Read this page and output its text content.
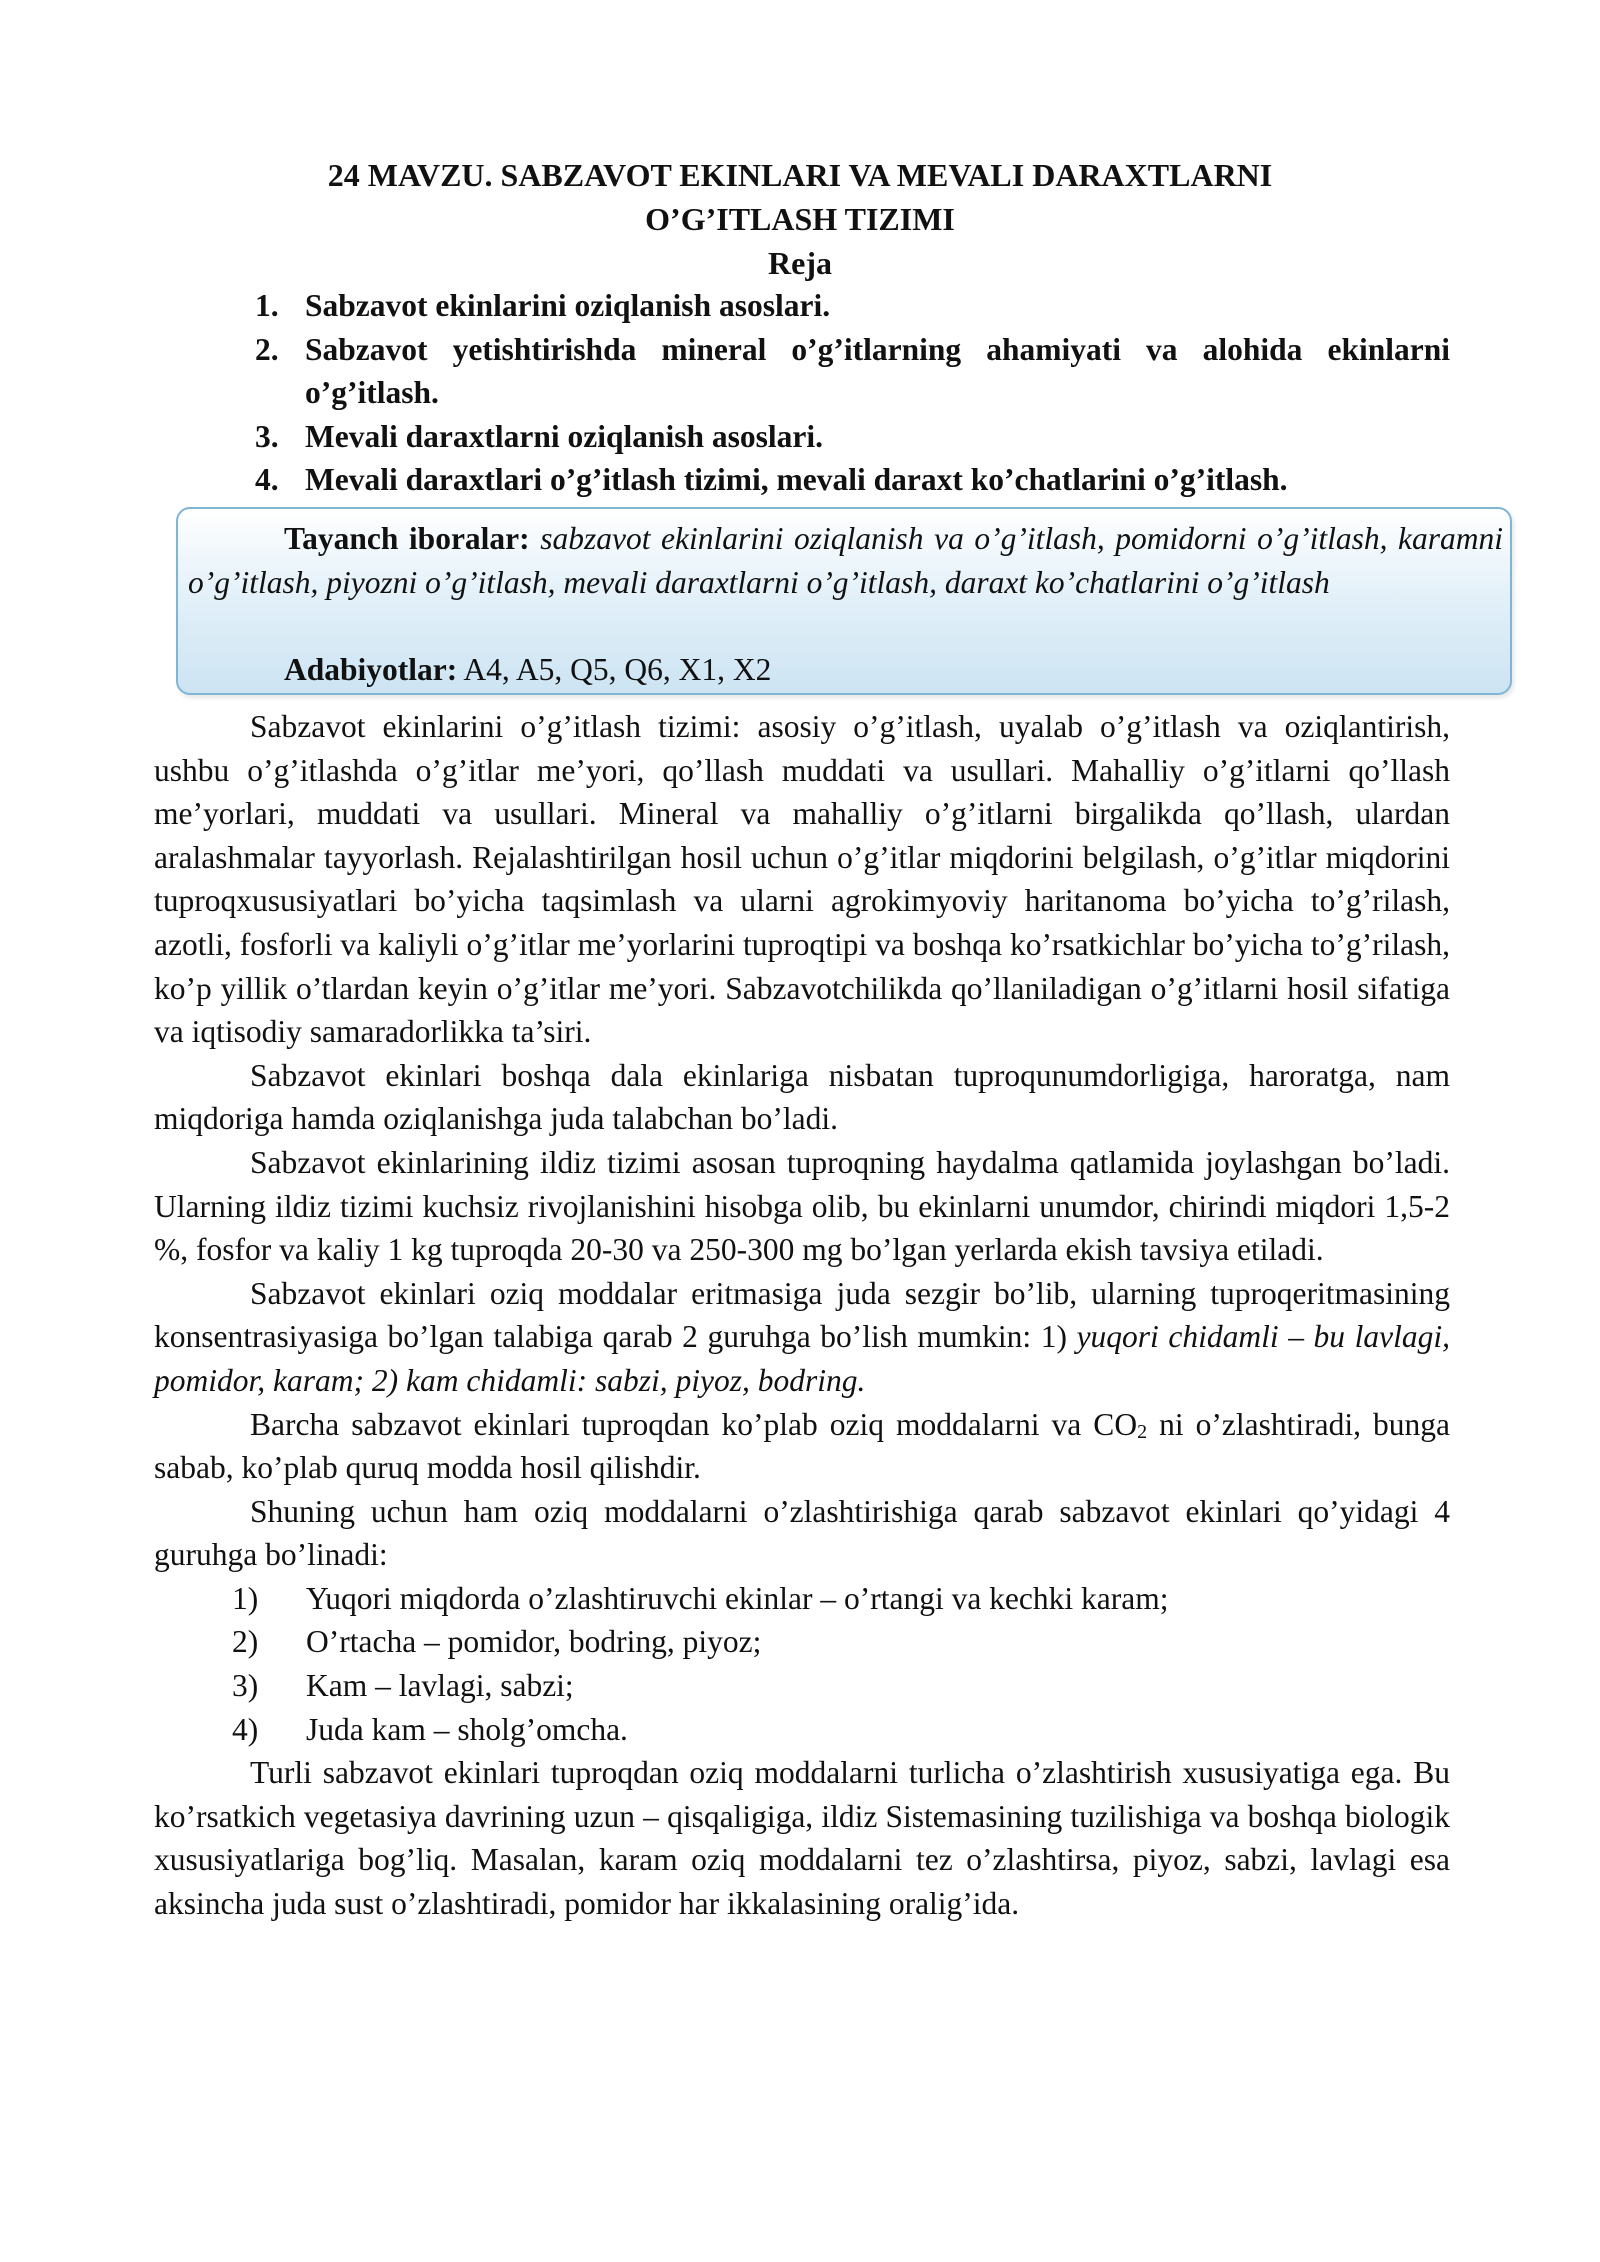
24 MAVZU. SABZAVOT EKINLARI VA MEVALI DARAXTLARNI
O’G’ITLASH TIZIMI
Reja
1. Sabzavot ekinlarini oziqlanish asoslari.
2. Sabzavot yetishtirishda mineral o’g’itlarning ahamiyati va alohida ekinlarni o’g’itlash.
3. Mevali daraxtlarni oziqlanish asoslari.
4. Mevali daraxtlari o’g’itlash tizimi, mevali daraxt ko’chatlarini o’g’itlash.
Tayanch iboralar: sabzavot ekinlarini oziqlanish va o’g’itlash, pomidorni o’g’itlash, karamni o’g’itlash, piyozni o’g’itlash, mevali daraxtlarni o’g’itlash, daraxt ko’chatlarini o’g’itlash
Adabiyotlar: A4, A5, Q5, Q6, X1, X2

Sabzavot ekinlarini o’g’itlash tizimi: asosiy o’g’itlash, uyalab o’g’itlash va oziqlantirish, ushbu o’g’itlashda o’g’itlar me’yori, qo’llash muddati va usullari. Mahalliy o’g’itlarni qo’llash me’yorlari, muddati va usullari. Mineral va mahalliy o’g’itlarni birgalikda qo’llash, ulardan aralashmalar tayyorlash. Rejalashtirilgan hosil uchun o’g’itlar miqdorini belgilash, o’g’itlar miqdorini tuproqxususiyatlari bo’yicha taqsimlash va ularni agrokimyoviy haritanoma bo’yicha to’g’rilash, azotli, fosforli va kaliyli o’g’itlar me’yorlarini tuproqtipi va boshqa ko’rsatkichlar bo’yicha to’g’rilash, ko’p yillik o’tlardan keyin o’g’itlar me’yori. Sabzavotchilikda qo’llaniladigan o’g’itlarni hosil sifatiga va iqtisodiy samaradorlikka ta’siri.

Sabzavot ekinlari boshqa dala ekinlariga nisbatan tuproqunumdorligiga, haroratga, nam miqdoriga hamda oziqlanishga juda talabchan bo’ladi.

Sabzavot ekinlarining ildiz tizimi asosan tuproqning haydalma qatlamida joylashgan bo’ladi. Ularning ildiz tizimi kuchsiz rivojlanishini hisobga olib, bu ekinlarni unumdor, chirindi miqdori 1,5-2 %, fosfor va kaliy 1 kg tuproqda 20-30 va 250-300 mg bo’lgan yerlarda ekish tavsiya etiladi.

Sabzavot ekinlari oziq moddalar eritmasiga juda sezgir bo’lib, ularning tuproqeritmasining konsentrasiyasiga bo’lgan talabiga qarab 2 guruhga bo’lish mumkin: 1) yuqori chidamli – bu lavlagi, pomidor, karam; 2) kam chidamli: sabzi, piyoz, bodring.

Barcha sabzavot ekinlari tuproqdan ko’plab oziq moddalarni va $CO_2$ ni o’zlashtiradi, bunga sabab, ko’plab quruq modda hosil qilishdir.

Shuning uchun ham oziq moddalarni o’zlashtirishiga qarab sabzavot ekinlari qo’yidagi 4 guruhga bo’linadi:

1) Yuqori miqdorda o’zlashtiruvchi ekinlar – o’rtangi va kechki karam;
2) O’rtacha – pomidor, bodring, piyoz;
3) Kam – lavlagi, sabzi;
4) Juda kam – sholg’omcha.

Turli sabzavot ekinlari tuproqdan oziq moddalarni turlicha o’zlashtirish xususiyatiga ega. Bu ko’rsatkich vegetasiya davrining uzun – qisqaligiga, ildiz Sistemasining tuzilishiga va boshqa biologik xususiyatlariga bog’liq. Masalan, karam oziq moddalarni tez o’zlashtirsa, piyoz, sabzi, lavlagi esa aksincha juda sust o’zlashtiradi, pomidor har ikkalasining oralig’ida.
